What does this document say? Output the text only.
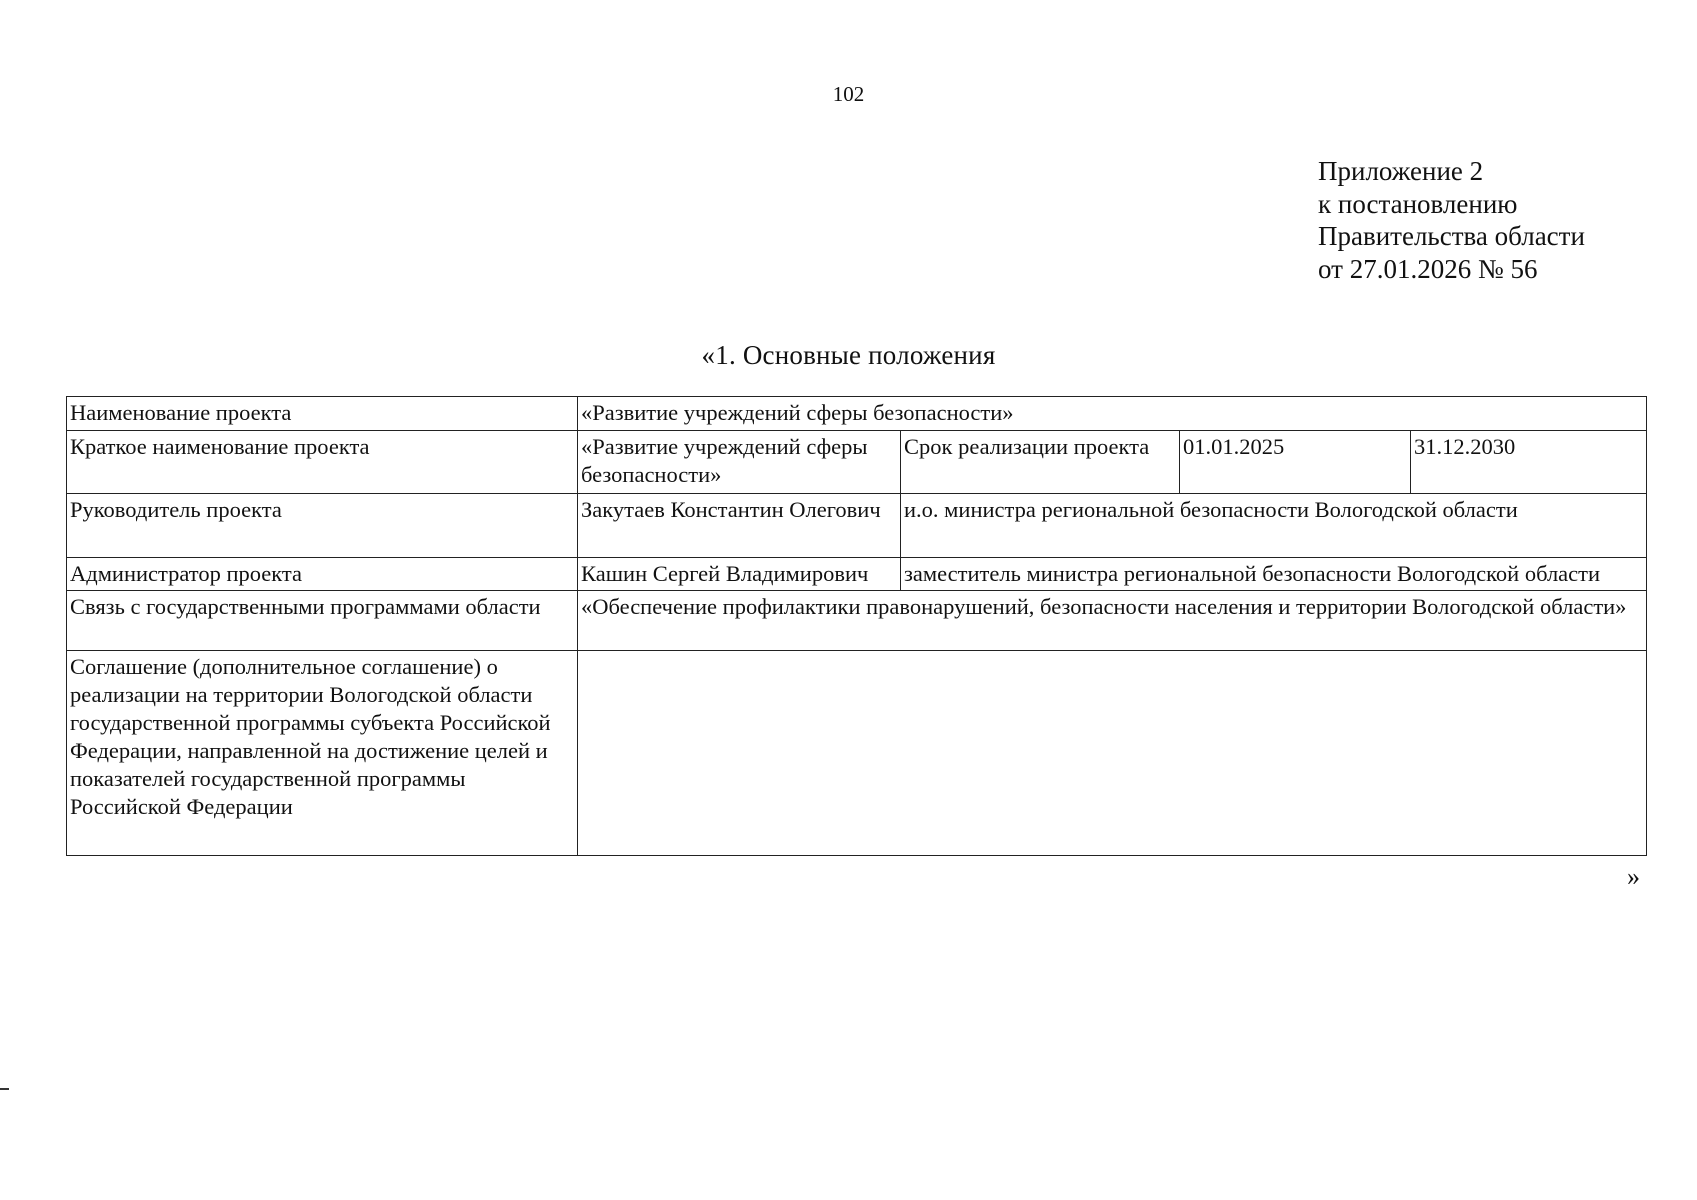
102
Приложение 2
к постановлению
Правительства области
от 27.01.2026 № 56
«1. Основные положения
Наименование проекта	«Развитие учреждений сферы безопасности»			
Краткое наименование проекта	«Развитие учреждений сферы безопасности»	Срок реализации проекта	01.01.2025	31.12.2030
Руководитель проекта	Закутаев Константин Олегович	и.о. министра региональной безопасности Вологодской области		
Администратор проекта	Кашин Сергей Владимирович	заместитель министра региональной безопасности Вологодской области		
Связь с государственными программами области	«Обеспечение профилактики правонарушений, безопасности населения и территории Вологодской области»			
Соглашение (дополнительное соглашение) о реализации на территории Вологодской области государственной программы субъекта Российской Федерации, направленной на достижение целей и показателей государственной программы Российской Федерации				
»
